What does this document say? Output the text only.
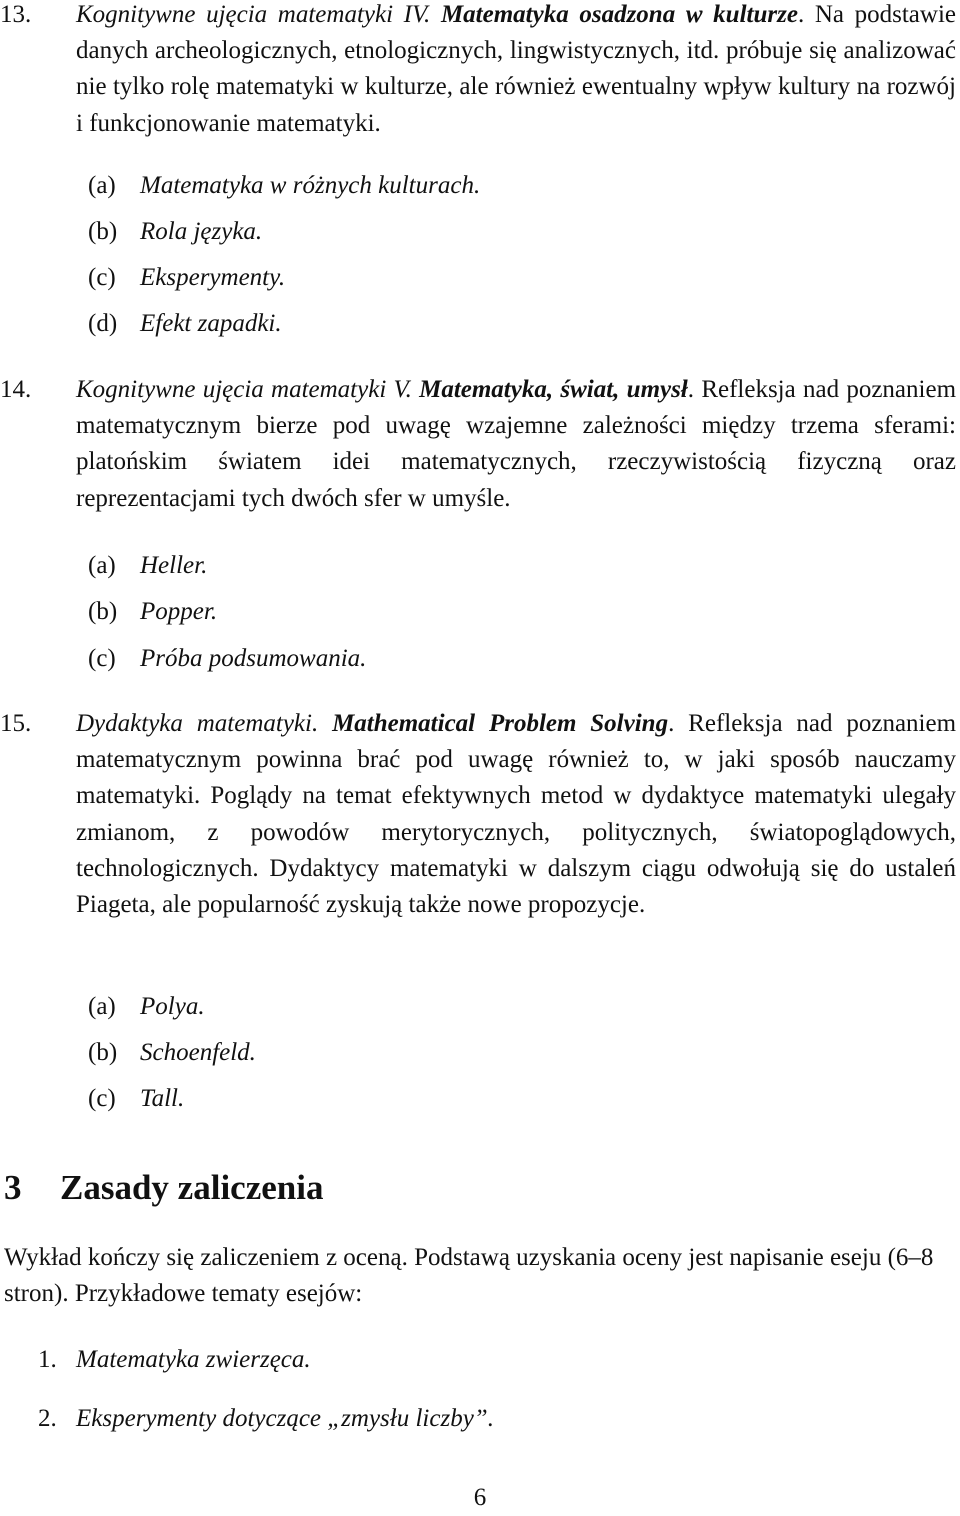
13.	Kognitywne ujęcia matematyki IV. Matematyka osadzona w kulturze. Na podstawie danych archeologicznych, etnologicznych, lingwistycznych, itd. próbuje się analizować nie tylko rolę matematyki w kulturze, ale również ewentualny wpływ kultury na rozwój i funkcjonowanie matematyki.
(a) Matematyka w różnych kulturach.
(b) Rola języka.
(c) Eksperymenty.
(d) Efekt zapadki.
14.	Kognitywne ujęcia matematyki V. Matematyka, świat, umysł. Refleksja nad poznaniem matematycznym bierze pod uwagę wzajemne zależności między trzema sferami: platońskim światem idei matematycznych, rzeczywistością fizyczną oraz reprezentacjami tych dwóch sfer w umyśle.
(a) Heller.
(b) Popper.
(c) Próba podsumowania.
15.	Dydaktyka matematyki. Mathematical Problem Solving. Refleksja nad poznaniem matematycznym powinna brać pod uwagę również to, w jaki sposób nauczamy matematyki. Poglądy na temat efektywnych metod w dydaktyce matematyki ulegały zmianom, z powodów merytorycznych, politycznych, światopoglądowych, technologicznych. Dydaktycy matematyki w dalszym ciągu odwołują się do ustaleń Piageta, ale popularność zyskują także nowe propozycje.
(a) Polya.
(b) Schoenfeld.
(c) Tall.
3 Zasady zaliczenia
Wykład kończy się zaliczeniem z oceną. Podstawą uzyskania oceny jest napisanie eseju (6–8 stron). Przykładowe tematy esejów:
1. Matematyka zwierzęca.
2. Eksperymenty dotyczące „zmysłu liczby”.
6
